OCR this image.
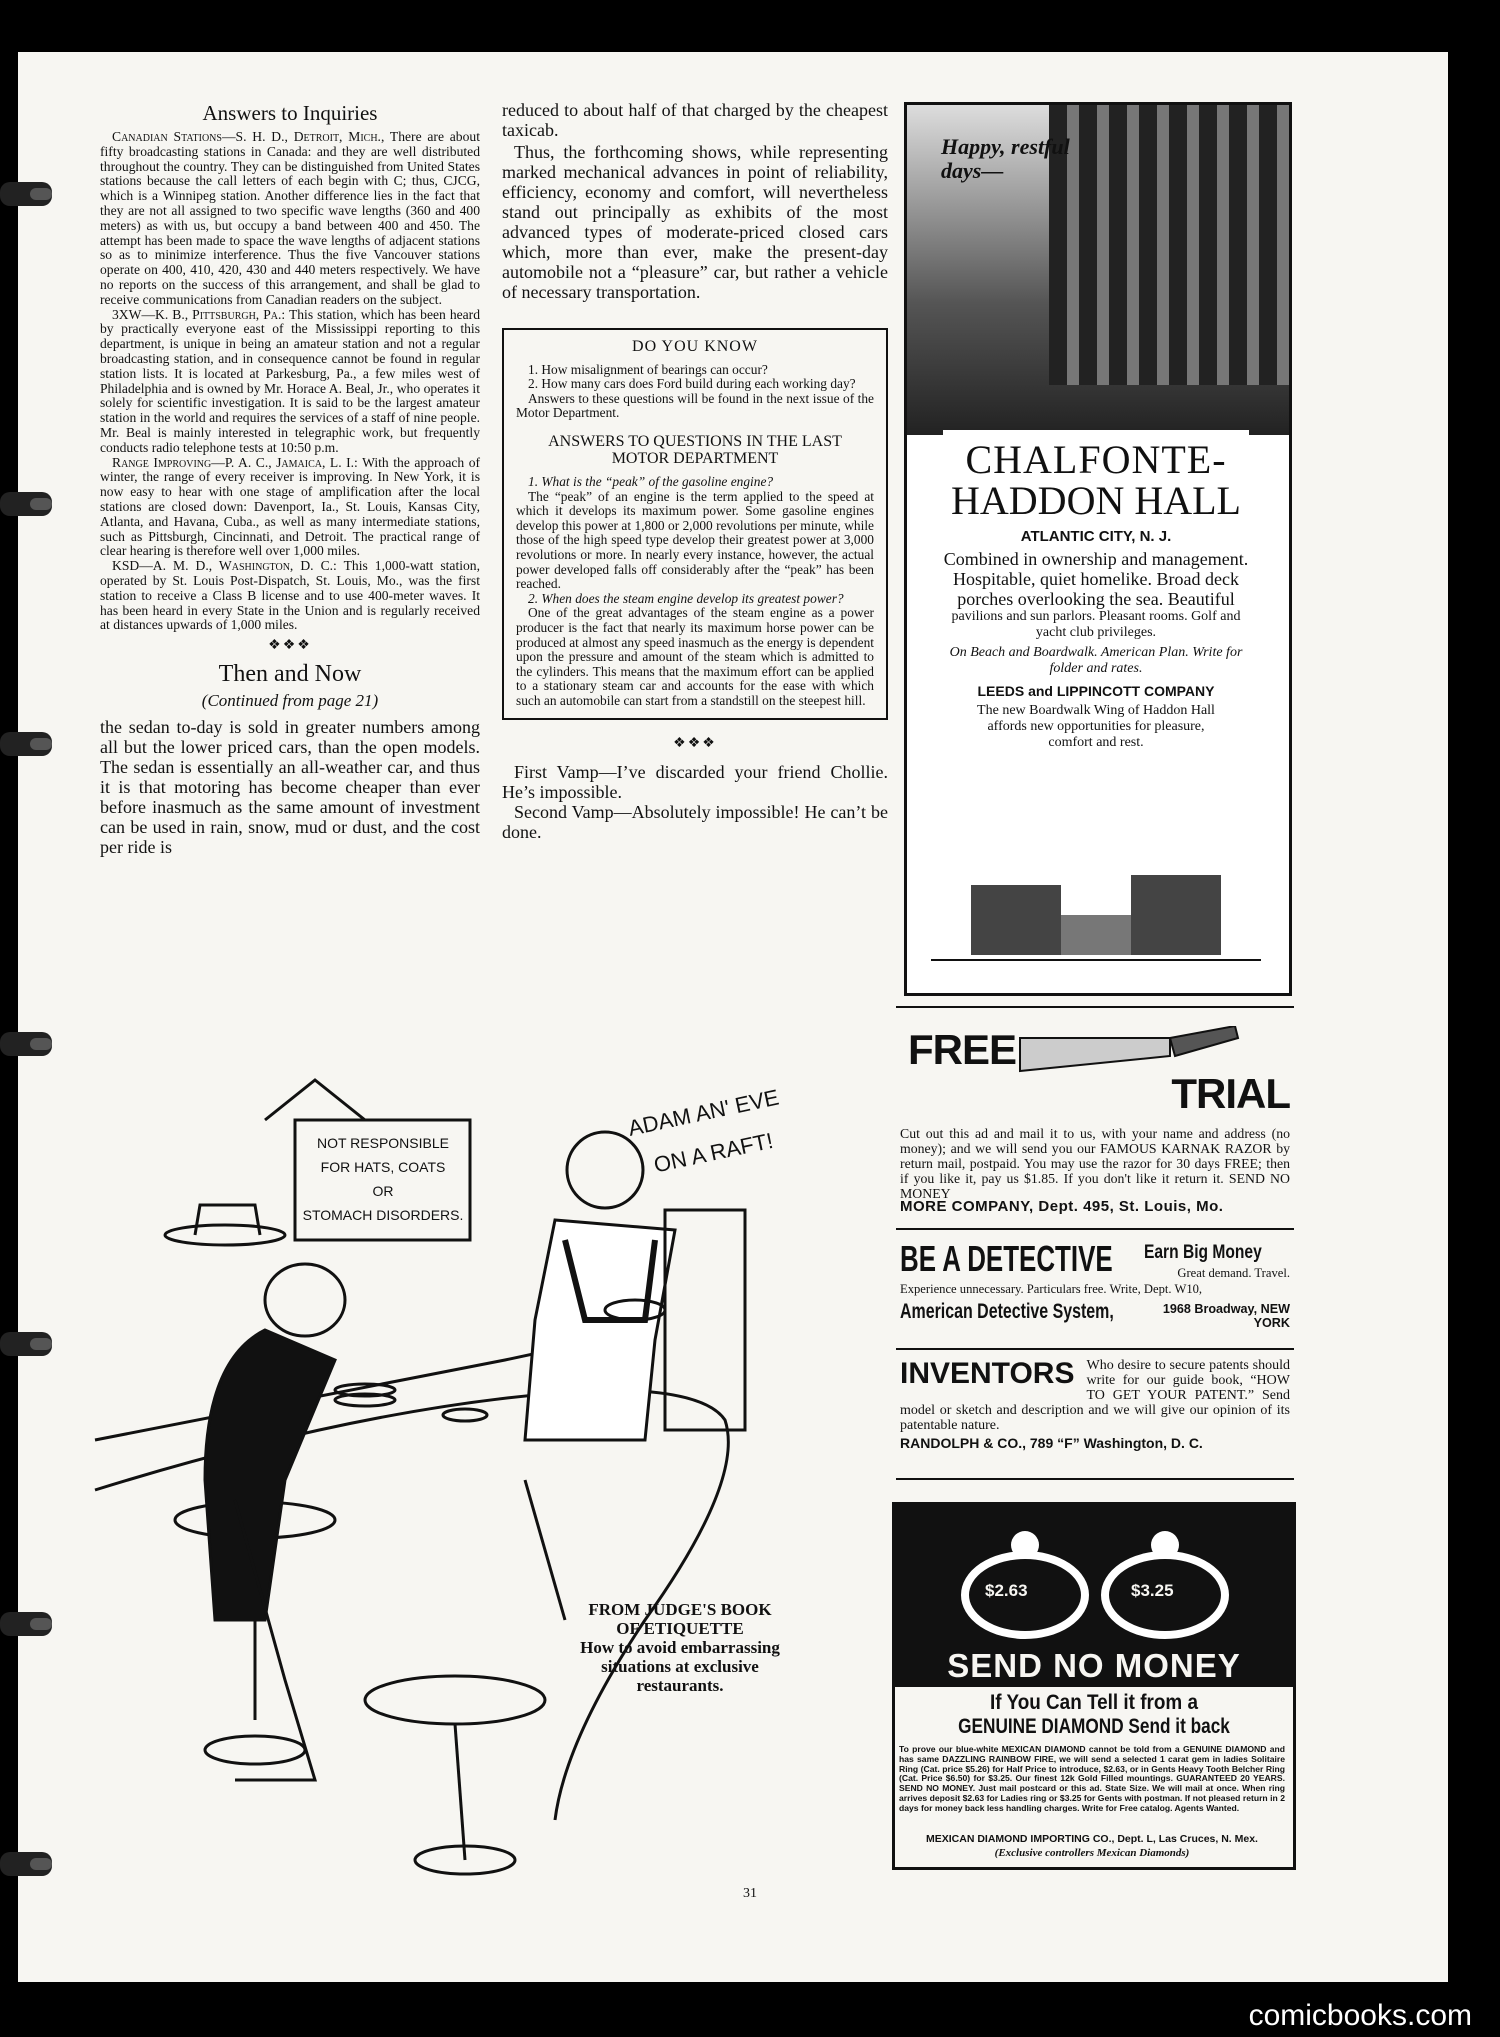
Answers to Inquiries

Canadian Stations—S. H. D., Detroit, Mich., There are about fifty broadcasting stations in Canada: and they are well distributed throughout the country. They can be distinguished from United States stations because the call letters of each begin with C; thus, CJCG, which is a Winnipeg station. Another difference lies in the fact that they are not all assigned to two specific wave lengths (360 and 400 meters) as with us, but occupy a band between 400 and 450. The attempt has been made to space the wave lengths of adjacent stations so as to minimize interference. Thus the five Vancouver stations operate on 400, 410, 420, 430 and 440 meters respectively. We have no reports on the success of this arrangement, and shall be glad to receive communications from Canadian readers on the subject.

3XW—K. B., Pittsburgh, Pa.: This station, which has been heard by practically everyone east of the Mississippi reporting to this department, is unique in being an amateur station and not a regular broadcasting station, and in consequence cannot be found in regular station lists. It is located at Parkesburg, Pa., a few miles west of Philadelphia and is owned by Mr. Horace A. Beal, Jr., who operates it solely for scientific investigation. It is said to be the largest amateur station in the world and requires the services of a staff of nine people. Mr. Beal is mainly interested in telegraphic work, but frequently conducts radio telephone tests at 10:50 p.m.

Range Improving—P. A. C., Jamaica, L. I.: With the approach of winter, the range of every receiver is improving. In New York, it is now easy to hear with one stage of amplification after the local stations are closed down: Davenport, Ia., St. Louis, Kansas City, Atlanta, and Havana, Cuba., as well as many intermediate stations, such as Pittsburgh, Cincinnati, and Detroit. The practical range of clear hearing is therefore well over 1,000 miles.

KSD—A. M. D., Washington, D. C.: This 1,000-watt station, operated by St. Louis Post-Dispatch, St. Louis, Mo., was the first station to receive a Class B license and to use 400-meter waves. It has been heard in every State in the Union and is regularly received at distances upwards of 1,000 miles.

❖❖❖
Then and Now
(Continued from page 21)
the sedan to-day is sold in greater numbers among all but the lower priced cars, than the open models. The sedan is essentially an all-weather car, and thus it is that motoring has become cheaper than ever before inasmuch as the same amount of investment can be used in rain, snow, mud or dust, and the cost per ride is
reduced to about half of that charged by the cheapest taxicab.

Thus, the forthcoming shows, while representing marked mechanical advances in point of reliability, efficiency, economy and comfort, will nevertheless stand out principally as exhibits of the most advanced types of moderate-priced closed cars which, more than ever, make the present-day automobile not a “pleasure” car, but rather a vehicle of necessary transportation.

DO YOU KNOW

1. How misalignment of bearings can occur?

2. How many cars does Ford build during each working day?

Answers to these questions will be found in the next issue of the Motor Department.

ANSWERS TO QUESTIONS IN THE LAST MOTOR DEPARTMENT

1. What is the “peak” of the gasoline engine?

The “peak” of an engine is the term applied to the speed at which it develops its maximum power. Some gasoline engines develop this power at 1,800 or 2,000 revolutions per minute, while those of the high speed type develop their greatest power at 3,000 revolutions or more. In nearly every instance, however, the actual power developed falls off considerably after the “peak” has been reached.

2. When does the steam engine develop its greatest power?

One of the great advantages of the steam engine as a power producer is the fact that nearly its maximum horse power can be produced at almost any speed inasmuch as the energy is dependent upon the pressure and amount of the steam which is admitted to the cylinders. This means that the maximum effort can be applied to a stationary steam car and accounts for the ease with which such an automobile can start from a standstill on the steepest hill.

❖❖❖

First Vamp—I’ve discarded your friend Chollie. He’s impossible.

Second Vamp—Absolutely impossible! He can’t be done.

NOT RESPONSIBLE
FOR HATS, COATS
OR
STOMACH DISORDERS.
ADAM AN' EVE
ON A RAFT!
FROM JUDGE'S BOOK OF ETIQUETTE
How to avoid embarrassing situations at exclusive restaurants.
31
Happy, restful days—
CHALFONTE-
HADDON HALL
ATLANTIC CITY, N. J.
Combined in ownership and management. Hospitable, quiet homelike. Broad deck porches overlooking the sea. Beautiful
pavilions and sun parlors. Pleasant rooms. Golf and yacht club privileges.
On Beach and Boardwalk. American Plan. Write for folder and rates.
LEEDS and LIPPINCOTT COMPANY
The new Boardwalk Wing of Haddon Hall affords new opportunities for pleasure, comfort and rest.
FREE
TRIAL
Cut out this ad and mail it to us, with your name and address (no money); and we will send you our FAMOUS KARNAK RAZOR by return mail, postpaid. You may use the razor for 30 days FREE; then if you like it, pay us $1.85. If you don't like it return it. SEND NO MONEY
MORE COMPANY, Dept. 495, St. Louis, Mo.
BE A DETECTIVE Earn Big Money
Great demand. Travel.
Experience unnecessary. Particulars free. Write, Dept. W10,
American Detective System,	1968 Broadway, NEW YORK
INVENTORS Who desire to secure patents should write for our guide book, “HOW TO GET YOUR PATENT.” Send model or sketch and description and we will give our opinion of its patentable nature.
RANDOLPH & CO., 789 “F” Washington, D. C.
$2.63	$3.25
SEND NO MONEY
If You Can Tell it from a
GENUINE DIAMOND Send it back
To prove our blue-white MEXICAN DIAMOND cannot be told from a GENUINE DIAMOND and has same DAZZLING RAINBOW FIRE, we will send a selected 1 carat gem in ladies Solitaire Ring (Cat. price $5.26) for Half Price to introduce, $2.63, or in Gents Heavy Tooth Belcher Ring (Cat. Price $6.50) for $3.25. Our finest 12k Gold Filled mountings. GUARANTEED 20 YEARS. SEND NO MONEY. Just mail postcard or this ad. State Size. We will mail at once. When ring arrives deposit $2.63 for Ladies ring or $3.25 for Gents with postman. If not pleased return in 2 days for money back less handling charges. Write for Free catalog. Agents Wanted.
MEXICAN DIAMOND IMPORTING CO., Dept. L, Las Cruces, N. Mex.
(Exclusive controllers Mexican Diamonds)
comicbooks.com
